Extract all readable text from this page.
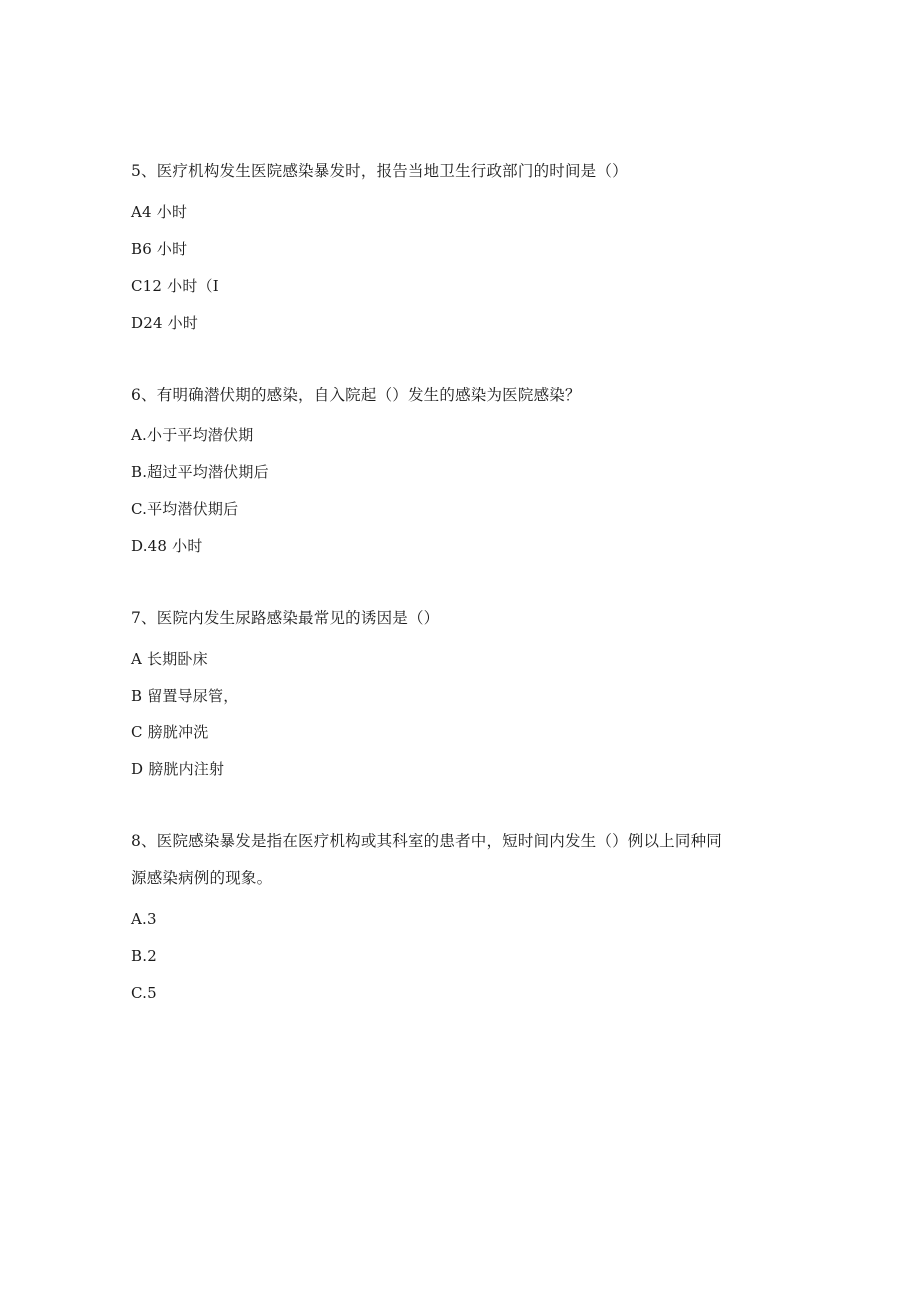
5、医疗机构发生医院感染暴发时，报告当地卫生行政部门的时间是（）
A4 小时
B6 小时
C12 小时（I
D24 小时
6、有明确潜伏期的感染，自入院起（）发生的感染为医院感染？
A.小于平均潜伏期
B.超过平均潜伏期后
C.平均潜伏期后
D.48 小时
7、医院内发生尿路感染最常见的诱因是（）
A 长期卧床
B 留置导尿管，
C 膀胱冲洗
D 膀胱内注射
8、医院感染暴发是指在医疗机构或其科室的患者中，短时间内发生（）例以上同种同
源感染病例的现象。
A.3
B.2
C.5
